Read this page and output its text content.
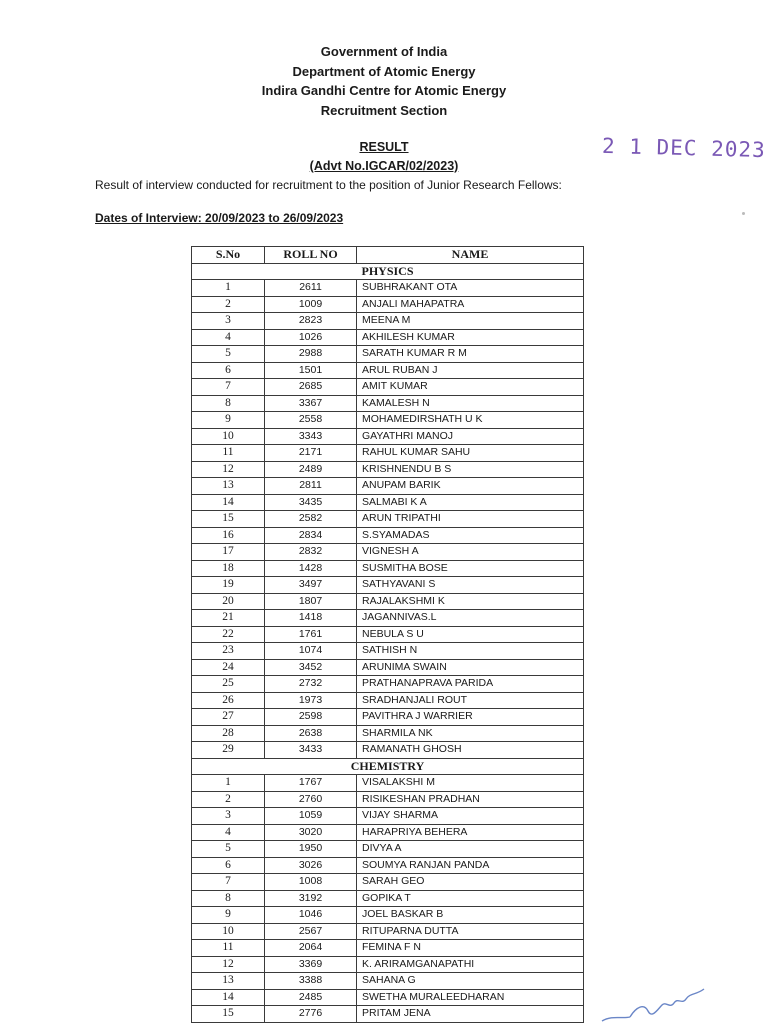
Government of India
Department of Atomic Energy
Indira Gandhi Centre for Atomic Energy
Recruitment Section
RESULT
(Advt No.IGCAR/02/2023)
2 1 DEC 2023
Result of interview conducted for recruitment to the position of Junior Research Fellows:
Dates of Interview: 20/09/2023 to 26/09/2023
S.No	ROLL NO	NAME
PHYSICS		
1	2611	SUBHRAKANT OTA
2	1009	ANJALI MAHAPATRA
3	2823	MEENA M
4	1026	AKHILESH KUMAR
5	2988	SARATH KUMAR R M
6	1501	ARUL RUBAN J
7	2685	AMIT KUMAR
8	3367	KAMALESH N
9	2558	MOHAMEDIRSHATH U K
10	3343	GAYATHRI MANOJ
11	2171	RAHUL KUMAR SAHU
12	2489	KRISHNENDU B S
13	2811	ANUPAM BARIK
14	3435	SALMABI K A
15	2582	ARUN TRIPATHI
16	2834	S.SYAMADAS
17	2832	VIGNESH A
18	1428	SUSMITHA BOSE
19	3497	SATHYAVANI S
20	1807	RAJALAKSHMI K
21	1418	JAGANNIVAS.L
22	1761	NEBULA S U
23	1074	SATHISH N
24	3452	ARUNIMA SWAIN
25	2732	PRATHANAPRAVA PARIDA
26	1973	SRADHANJALI ROUT
27	2598	PAVITHRA J WARRIER
28	2638	SHARMILA NK
29	3433	RAMANATH GHOSH
CHEMISTRY		
1	1767	VISALAKSHI M
2	2760	RISIKESHAN PRADHAN
3	1059	VIJAY SHARMA
4	3020	HARAPRIYA BEHERA
5	1950	DIVYA A
6	3026	SOUMYA RANJAN PANDA
7	1008	SARAH GEO
8	3192	GOPIKA T
9	1046	JOEL BASKAR B
10	2567	RITUPARNA DUTTA
11	2064	FEMINA F N
12	3369	K. ARIRAMGANAPATHI
13	3388	SAHANA G
14	2485	SWETHA MURALEEDHARAN
15	2776	PRITAM JENA
